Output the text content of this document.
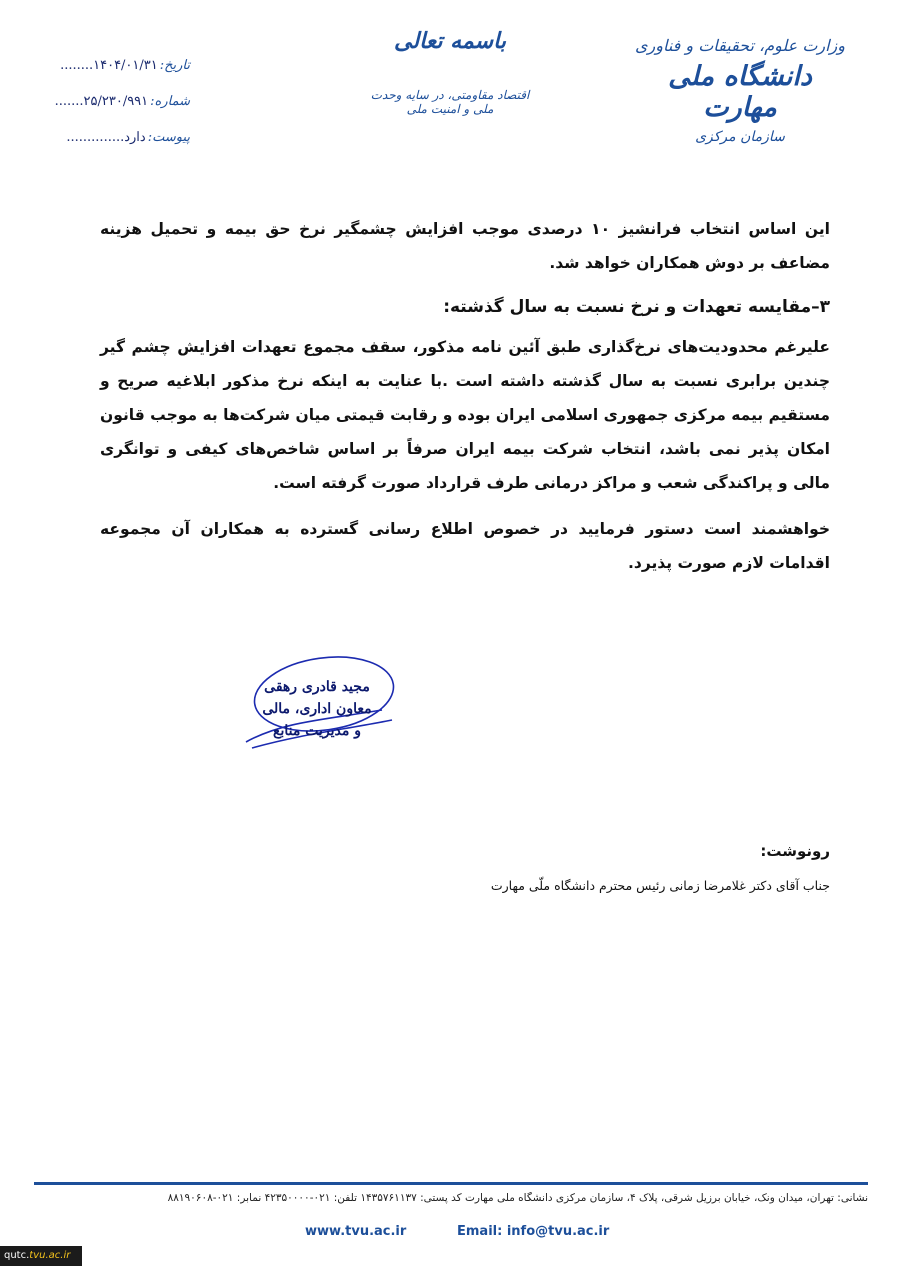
وزارت علوم، تحقیقات و فناوری
دانشگاه ملی مهارت
سازمان مرکزی
باسمه تعالی
اقتصاد مقاومتی، در سایه وحدت ملی و امنیت ملی
تاریخ:۱۴۰۴/۰۱/۳۱........
شماره:۲۵/۲۳۰/۹۹۱.......
پیوست:دارد..............

این اساس انتخاب فرانشیز ۱۰ درصدی موجب افزایش چشمگیر نرخ حق بیمه و تحمیل هزینه مضاعف بر دوش همکاران خواهد شد.

۳–مقایسه تعهدات و نرخ نسبت به سال گذشته:

علیرغم محدودیت‌های نرخ‌گذاری طبق آئین نامه مذکور، سقف مجموع تعهدات افزایش چشم گیر چندین برابری نسبت به سال گذشته داشته است .با عنایت به اینکه نرخ مذکور ابلاغیه صریح و مستقیم بیمه مرکزی جمهوری اسلامی ایران بوده و رقابت قیمتی میان شرکت‌ها به موجب قانون امکان پذیر نمی باشد، انتخاب شرکت بیمه ایران صرفاً بر اساس شاخص‌های کیفی و توانگری مالی و پراکندگی شعب و مراکز درمانی طرف قرارداد صورت گرفته است.

خواهشمند است دستور فرمایید در خصوص اطلاع رسانی گسترده به همکاران آن مجموعه اقدامات لازم صورت پذیرد.

مجید قادری رهقی
معاون اداری، مالی
و مدیریت منابع
رونوشت:
جناب آقای دکتر غلامرضا زمانی رئیس محترم دانشگاه ملّی مهارت
نشانی: تهران، میدان ونک، خیابان برزیل شرقی، پلاک ۴، سازمان مرکزی دانشگاه ملی مهارت کد پستی: ۱۴۳۵۷۶۱۱۳۷ تلفن: ۰۲۱-۴۲۳۵۰۰۰۰ نمابر: ۰۲۱-۸۸۱۹۰۶۰۸
www.tvu.ac.ir	Email: info@tvu.ac.ir
qutc.tvu.ac.ir
